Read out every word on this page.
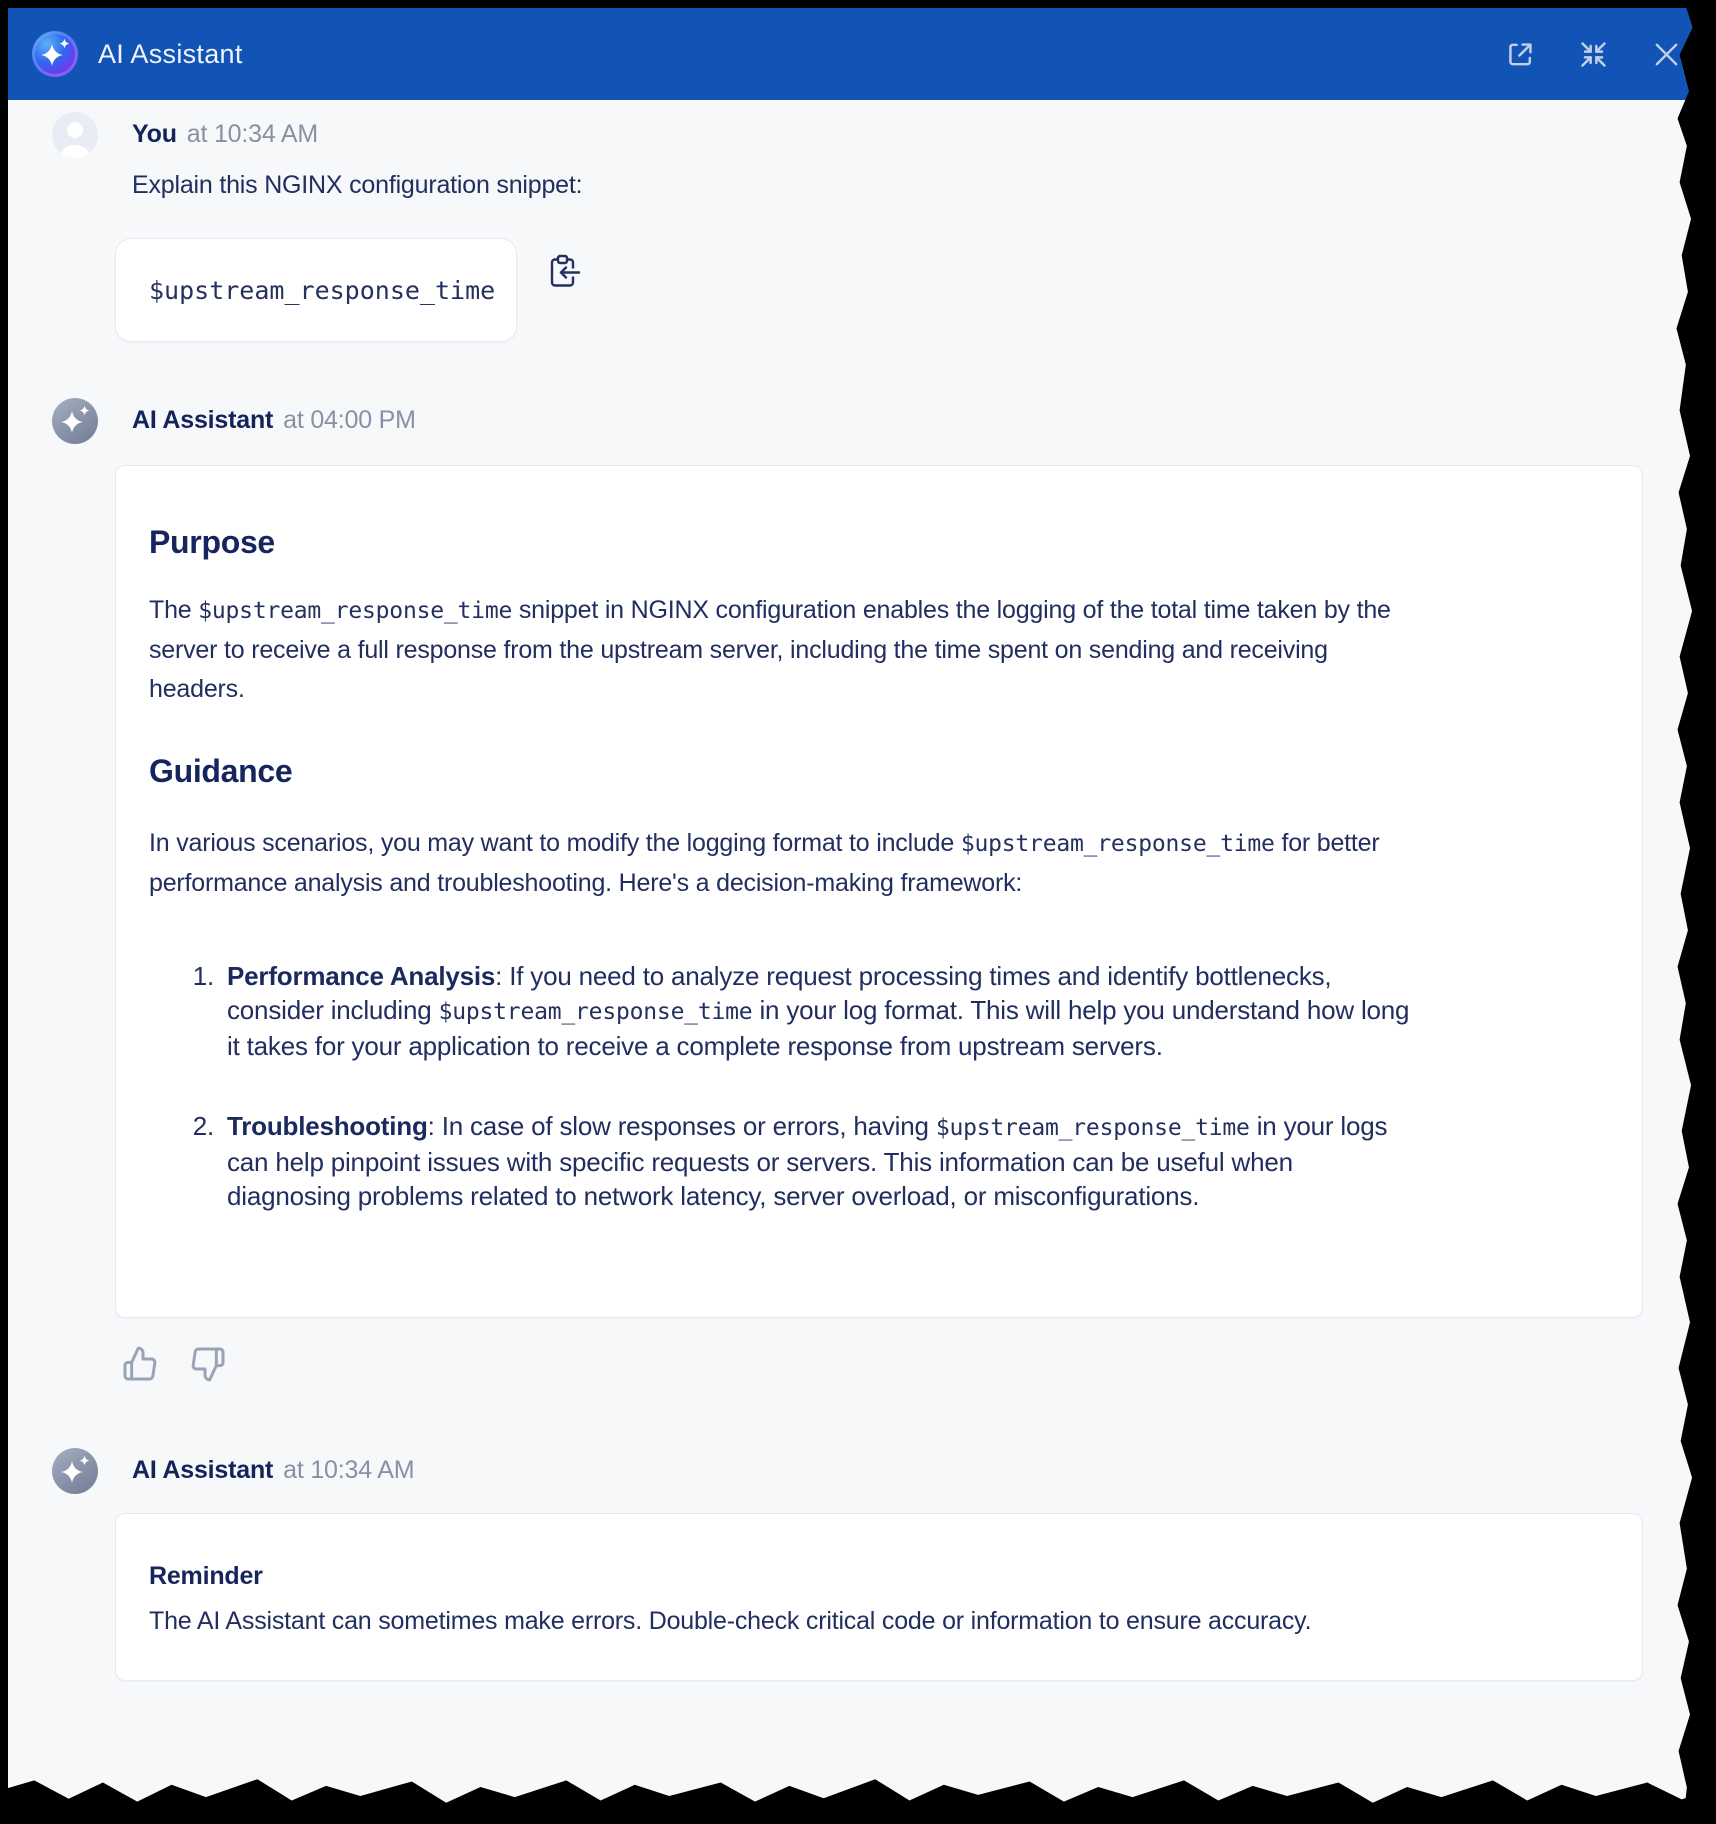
AI Assistant
You at 10:34 AM

Explain this NGINX configuration snippet:

$upstream_response_time
AI Assistant at 04:00 PM
Purpose

The $upstream_response_time snippet in NGINX configuration enables the logging of the total time taken by the server to receive a full response from the upstream server, including the time spent on sending and receiving headers.

Guidance

In various scenarios, you may want to modify the logging format to include $upstream_response_time for better performance analysis and troubleshooting. Here's a decision-making framework:

1. Performance Analysis: If you need to analyze request processing times and identify bottlenecks, consider including $upstream_response_time in your log format. This will help you understand how long it takes for your application to receive a complete response from upstream servers.
2. Troubleshooting: In case of slow responses or errors, having $upstream_response_time in your logs can help pinpoint issues with specific requests or servers. This information can be useful when diagnosing problems related to network latency, server overload, or misconfigurations.
AI Assistant at 10:34 AM
Reminder

The AI Assistant can sometimes make errors. Double-check critical code or information to ensure accuracy.
